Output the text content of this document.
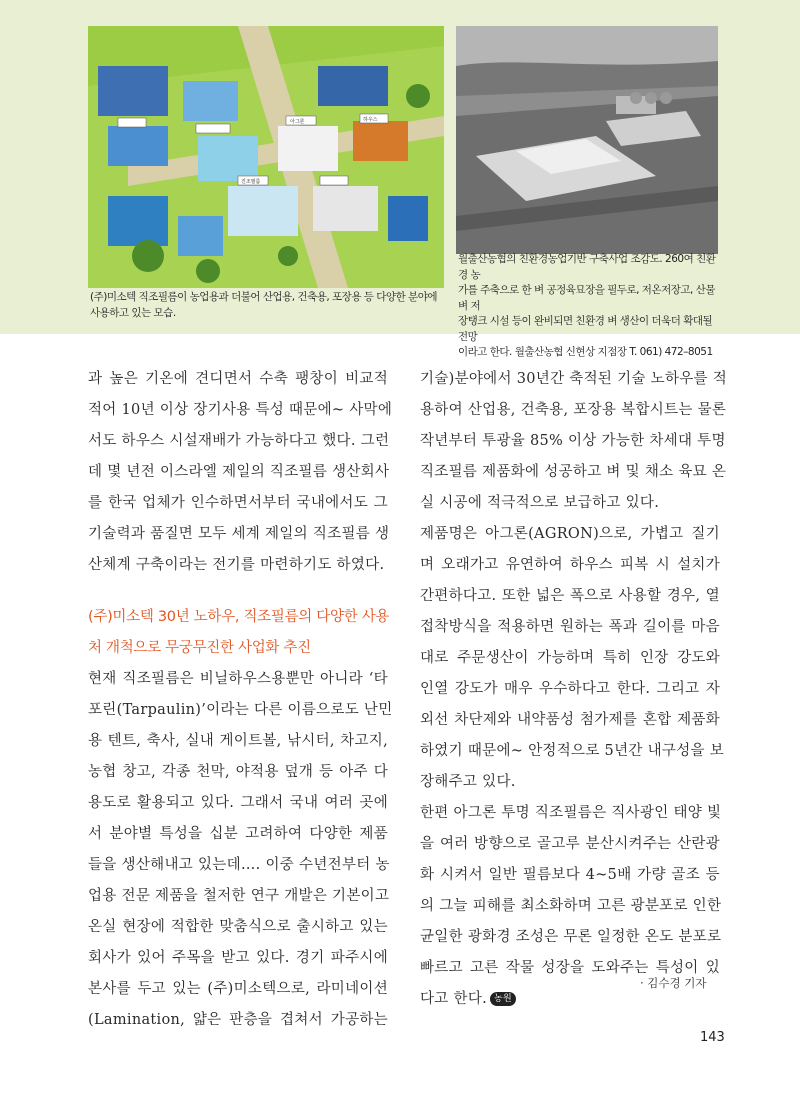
아그론
진조필름
하우스
(주)미소텍 직조필름이 농업용과 더불어 산업용, 건축용, 포장용 등 다양한 분야에
사용하고 있는 모습.
월출산농협의 친환경농업기반 구축사업 조감도. 260여 친환경 농
가를 주축으로 한 벼 공정육묘장을 필두로, 저온저장고, 산물벼 저
장탱크 시설 등이 완비되면 친환경 벼 생산이 더욱더 확대될 전망
이라고 한다. 월출산농협 신현상 지점장 T. 061) 472–8051
과 높은 기온에 견디면서 수축 팽창이 비교적
적어 10년 이상 장기사용 특성 때문에~ 사막에
서도 하우스 시설재배가 가능하다고 했다. 그런
데 몇 년전 이스라엘 제일의 직조필름 생산회사
를 한국 업체가 인수하면서부터 국내에서도 그
기술력과 품질면 모두 세계 제일의 직조필름 생
산체계 구축이라는 전기를 마련하기도 하였다.
(주)미소텍 30년 노하우, 직조필름의 다양한 사용
처 개척으로 무궁무진한 사업화 추진
현재 직조필름은 비닐하우스용뿐만 아니라 ‘타
포린(Tarpaulin)’이라는 다른 이름으로도 난민
용 텐트, 축사, 실내 게이트볼, 낚시터, 차고지,
농협 창고, 각종 천막, 야적용 덮개 등 아주 다
용도로 활용되고 있다. 그래서 국내 여러 곳에
서 분야별 특성을 십분 고려하여 다양한 제품
들을 생산해내고 있는데…. 이중 수년전부터 농
업용 전문 제품을 철저한 연구 개발은 기본이고
온실 현장에 적합한 맞춤식으로 출시하고 있는
회사가 있어 주목을 받고 있다. 경기 파주시에
본사를 두고 있는 (주)미소텍으로, 라미네이션
(Lamination, 얇은 판층을 겹쳐서 가공하는
기술)분야에서 30년간 축적된 기술 노하우를 적
용하여 산업용, 건축용, 포장용 복합시트는 물론
작년부터 투광율 85% 이상 가능한 차세대 투명
직조필름 제품화에 성공하고 벼 및 채소 육묘 온
실 시공에 적극적으로 보급하고 있다.
제품명은 아그론(AGRON)으로, 가볍고 질기
며 오래가고 유연하여 하우스 피복 시 설치가
간편하다고. 또한 넓은 폭으로 사용할 경우, 열
접착방식을 적용하면 원하는 폭과 길이를 마음
대로 주문생산이 가능하며 특히 인장 강도와
인열 강도가 매우 우수하다고 한다. 그리고 자
외선 차단제와 내약품성 첨가제를 혼합 제품화
하였기 때문에~ 안정적으로 5년간 내구성을 보
장해주고 있다.
한편 아그론 투명 직조필름은 직사광인 태양 빛
을 여러 방향으로 골고루 분산시켜주는 산란광
화 시켜서 일반 필름보다 4~5배 가량 골조 등
의 그늘 피해를 최소화하며 고른 광분포로 인한
균일한 광화경 조성은 무론 일정한 온도 분포로
빠르고 고른 작물 성장을 도와주는 특성이 있
다고 한다. 농원
· 김수경 기자
143
